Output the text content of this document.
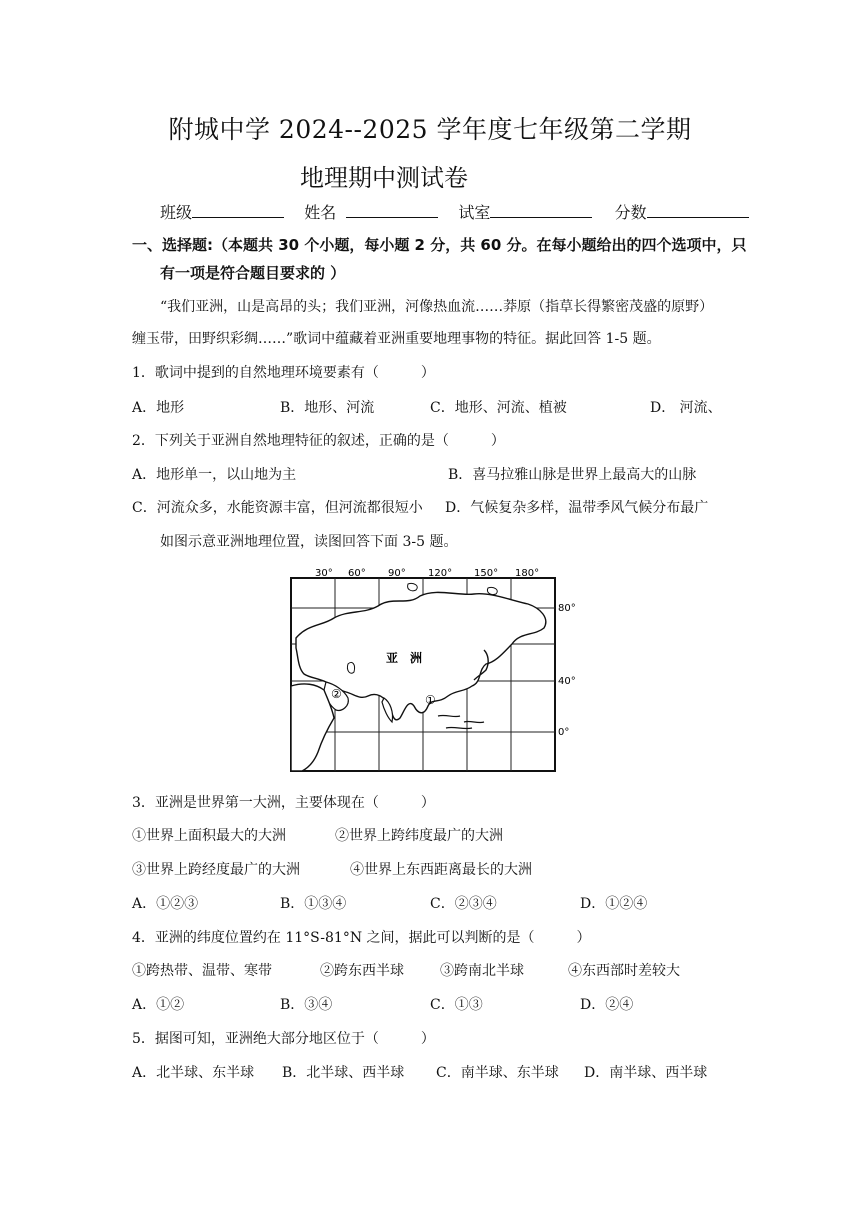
附城中学 2024--2025 学年度七年级第二学期
地理期中测试卷
班级	姓名	试室	分数
一、选择题:（本题共 30 个小题，每小题 2 分，共 60 分。在每小题给出的四个选项中，只
有一项是符合题目要求的 ）
“我们亚洲，山是高昂的头；我们亚洲，河像热血流……莽原（指草长得繁密茂盛的原野）
缠玉带，田野织彩绸……”歌词中蕴藏着亚洲重要地理事物的特征。据此回答 1-5 题。
1．歌词中提到的自然地理环境要素有（　　　）
A．地形	B．地形、河流	C．地形、河流、植被	D． 河流、
2．下列关于亚洲自然地理特征的叙述，正确的是（　　　）
A．地形单一，以山地为主	B．喜马拉雅山脉是世界上最高大的山脉
C．河流众多，水能资源丰富，但河流都很短小 D．气候复杂多样，温带季风气候分布最广
如图示意亚洲地理位置，读图回答下面 3-5 题。
30° 60° 90° 120° 150° 180°
80°
40°
0°
亚　洲
①
②
3．亚洲是世界第一大洲，主要体现在（　　　）
①世界上面积最大的大洲	②世界上跨纬度最广的大洲
③世界上跨经度最广的大洲	④世界上东西距离最长的大洲
A．①②③	B．①③④	C．②③④	D．①②④
4．亚洲的纬度位置约在 11°S-81°N 之间，据此可以判断的是（　　　）
①跨热带、温带、寒带	②跨东西半球	③跨南北半球	④东西部时差较大
A．①②	B．③④	C．①③	D．②④
5．据图可知，亚洲绝大部分地区位于（　　　）
A．北半球、东半球 B．北半球、西半球 C．南半球、东半球 D．南半球、西半球
